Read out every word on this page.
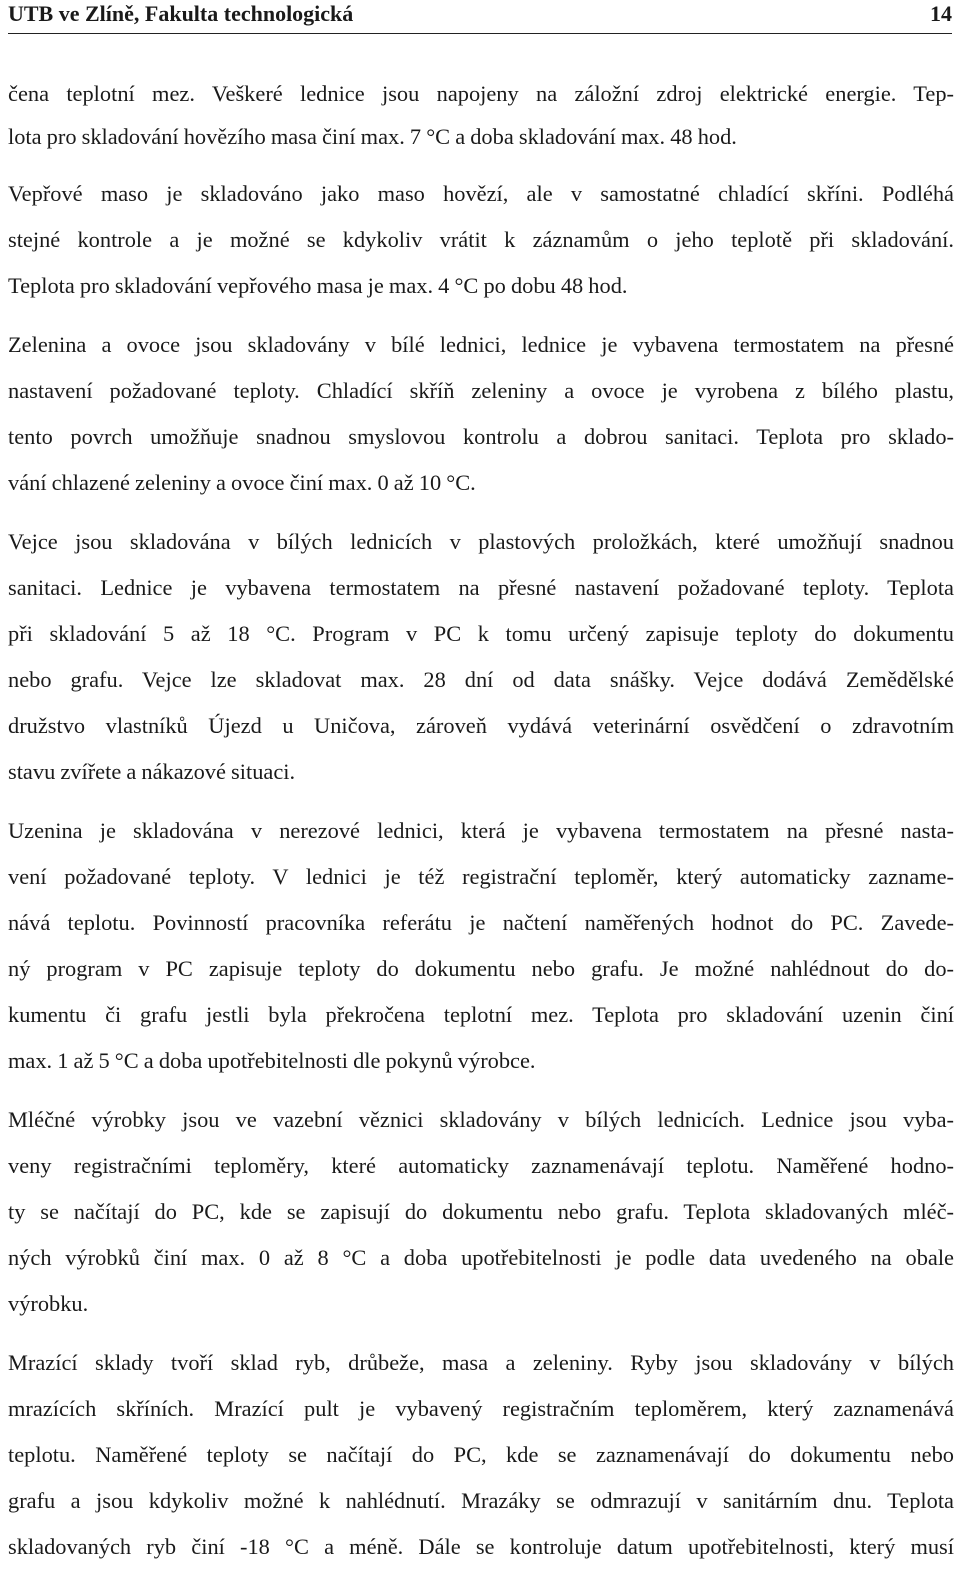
UTB ve Zlíně, Fakulta technologická	14

čena teplotní mez. Veškeré lednice jsou napojeny na záložní zdroj elektrické energie. Tep-
lota pro skladování hovězího masa činí max. 7 °C a doba skladování max. 48 hod.

Vepřové maso je skladováno jako maso hovězí, ale v samostatné chladící skříni. Podléhá
stejné kontrole a je možné se kdykoliv vrátit k záznamům o jeho teplotě při skladování.
Teplota pro skladování vepřového masa je max. 4 °C po dobu 48 hod.

Zelenina a ovoce jsou skladovány v bílé lednici, lednice je vybavena termostatem na přesné
nastavení požadované teploty. Chladící skříň zeleniny a ovoce je vyrobena z bílého plastu,
tento povrch umožňuje snadnou smyslovou kontrolu a dobrou sanitaci. Teplota pro sklado-
vání chlazené zeleniny a ovoce činí max. 0 až 10 °C.

Vejce jsou skladována v bílých lednicích v plastových proložkách, které umožňují snadnou
sanitaci. Lednice je vybavena termostatem na přesné nastavení požadované teploty. Teplota
při skladování 5 až 18 °C. Program v PC k tomu určený zapisuje teploty do dokumentu
nebo grafu. Vejce lze skladovat max. 28 dní od data snášky. Vejce dodává Zemědělské
družstvo vlastníků Újezd u Uničova, zároveň vydává veterinární osvědčení o zdravotním
stavu zvířete a nákazové situaci.

Uzenina je skladována v nerezové lednici, která je vybavena termostatem na přesné nasta-
vení požadované teploty. V lednici je též registrační teploměr, který automaticky zazname-
nává teplotu. Povinností pracovníka referátu je načtení naměřených hodnot do PC. Zavede-
ný program v PC zapisuje teploty do dokumentu nebo grafu. Je možné nahlédnout do do-
kumentu či grafu jestli byla překročena teplotní mez. Teplota pro skladování uzenin činí
max. 1 až 5 °C a doba upotřebitelnosti dle pokynů výrobce.

Mléčné výrobky jsou ve vazební věznici skladovány v bílých lednicích. Lednice jsou vyba-
veny registračními teploměry, které automaticky zaznamenávají teplotu. Naměřené hodno-
ty se načítají do PC, kde se zapisují do dokumentu nebo grafu. Teplota skladovaných mléč-
ných výrobků činí max. 0 až 8 °C a doba upotřebitelnosti je podle data uvedeného na obale
výrobku.

Mrazící sklady tvoří sklad ryb, drůbeže, masa a zeleniny. Ryby jsou skladovány v bílých
mrazících skříních. Mrazící pult je vybavený registračním teploměrem, který zaznamenává
teplotu. Naměřené teploty se načítají do PC, kde se zaznamenávají do dokumentu nebo
grafu a jsou kdykoliv možné k nahlédnutí. Mrazáky se odmrazují v sanitárním dnu. Teplota
skladovaných ryb činí -18 °C a méně. Dále se kontroluje datum upotřebitelnosti, který musí
